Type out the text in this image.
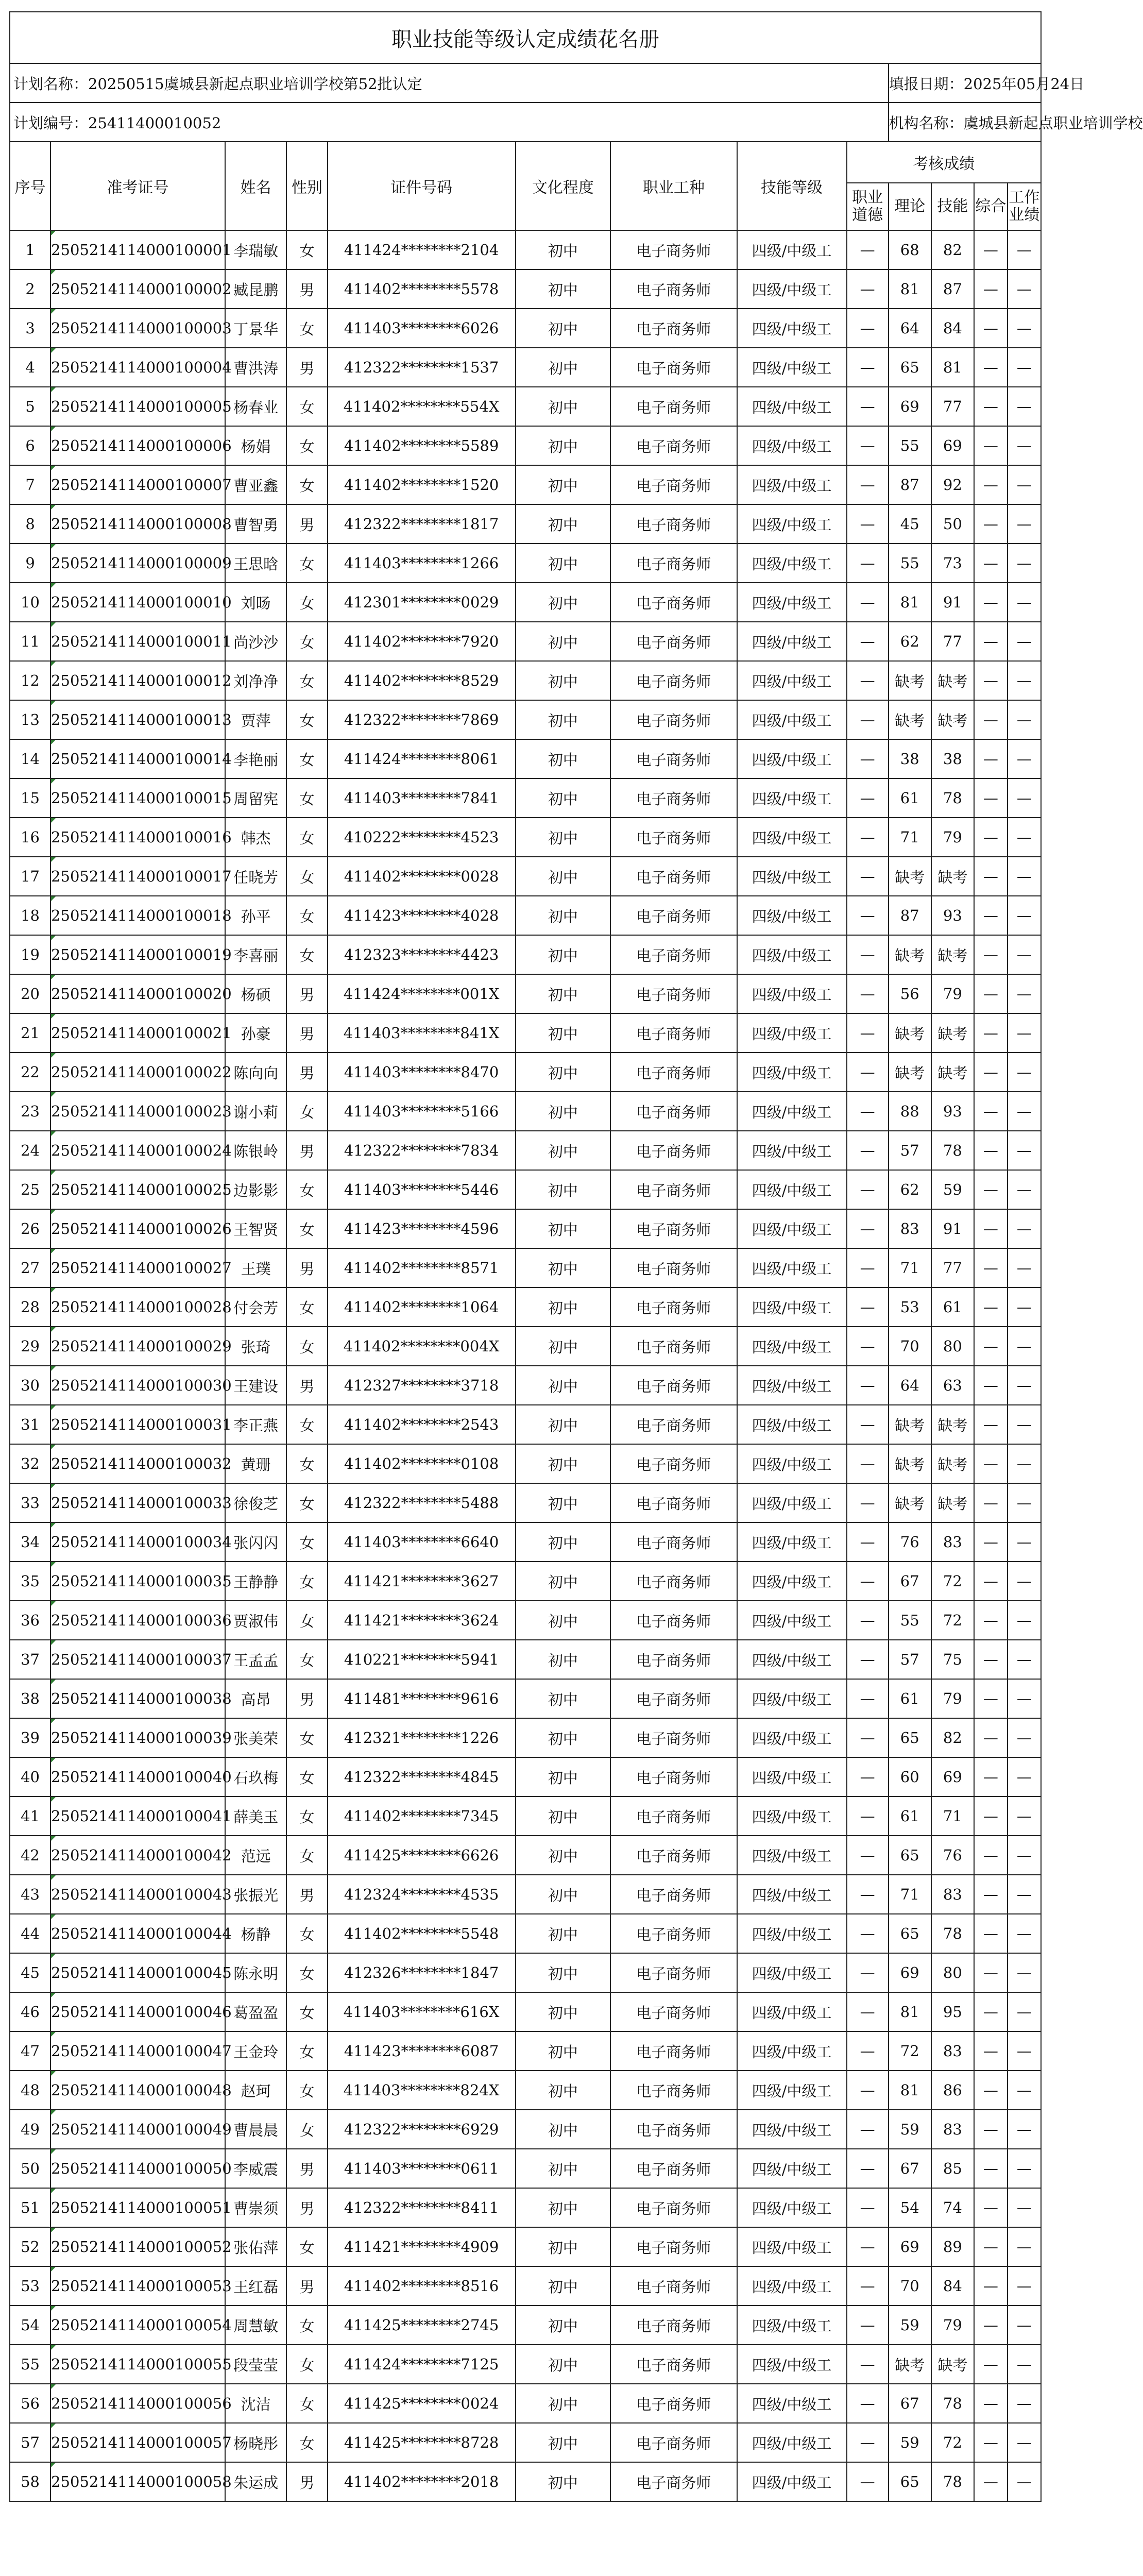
职业技能等级认定成绩花名册												
计划名称：20250515虞城县新起点职业培训学校第52批认定									填报日期：2025年05月24日			
计划编号：25411400010052									机构名称：虞城县新起点职业培训学校			
序号	准考证号	姓名	性别	证件号码	文化程度	职业工种	技能等级	考核成绩				
								职业道德	理论	技能	综合	工作业绩
1	2505214114000100001	李瑞敏	女	411424********2104	初中	电子商务师	四级/中级工	—	68	82	—	—
2	2505214114000100002	臧昆鹏	男	411402********5578	初中	电子商务师	四级/中级工	—	81	87	—	—
3	2505214114000100003	丁景华	女	411403********6026	初中	电子商务师	四级/中级工	—	64	84	—	—
4	2505214114000100004	曹洪涛	男	412322********1537	初中	电子商务师	四级/中级工	—	65	81	—	—
5	2505214114000100005	杨春业	女	411402********554X	初中	电子商务师	四级/中级工	—	69	77	—	—
6	2505214114000100006	杨娟	女	411402********5589	初中	电子商务师	四级/中级工	—	55	69	—	—
7	2505214114000100007	曹亚鑫	女	411402********1520	初中	电子商务师	四级/中级工	—	87	92	—	—
8	2505214114000100008	曹智勇	男	412322********1817	初中	电子商务师	四级/中级工	—	45	50	—	—
9	2505214114000100009	王思晗	女	411403********1266	初中	电子商务师	四级/中级工	—	55	73	—	—
10	2505214114000100010	刘旸	女	412301********0029	初中	电子商务师	四级/中级工	—	81	91	—	—
11	2505214114000100011	尚沙沙	女	411402********7920	初中	电子商务师	四级/中级工	—	62	77	—	—
12	2505214114000100012	刘净净	女	411402********8529	初中	电子商务师	四级/中级工	—	缺考	缺考	—	—
13	2505214114000100013	贾萍	女	412322********7869	初中	电子商务师	四级/中级工	—	缺考	缺考	—	—
14	2505214114000100014	李艳丽	女	411424********8061	初中	电子商务师	四级/中级工	—	38	38	—	—
15	2505214114000100015	周留宪	女	411403********7841	初中	电子商务师	四级/中级工	—	61	78	—	—
16	2505214114000100016	韩杰	女	410222********4523	初中	电子商务师	四级/中级工	—	71	79	—	—
17	2505214114000100017	任晓芳	女	411402********0028	初中	电子商务师	四级/中级工	—	缺考	缺考	—	—
18	2505214114000100018	孙平	女	411423********4028	初中	电子商务师	四级/中级工	—	87	93	—	—
19	2505214114000100019	李喜丽	女	412323********4423	初中	电子商务师	四级/中级工	—	缺考	缺考	—	—
20	2505214114000100020	杨硕	男	411424********001X	初中	电子商务师	四级/中级工	—	56	79	—	—
21	2505214114000100021	孙豪	男	411403********841X	初中	电子商务师	四级/中级工	—	缺考	缺考	—	—
22	2505214114000100022	陈向向	男	411403********8470	初中	电子商务师	四级/中级工	—	缺考	缺考	—	—
23	2505214114000100023	谢小莉	女	411403********5166	初中	电子商务师	四级/中级工	—	88	93	—	—
24	2505214114000100024	陈银岭	男	412322********7834	初中	电子商务师	四级/中级工	—	57	78	—	—
25	2505214114000100025	边影影	女	411403********5446	初中	电子商务师	四级/中级工	—	62	59	—	—
26	2505214114000100026	王智贤	女	411423********4596	初中	电子商务师	四级/中级工	—	83	91	—	—
27	2505214114000100027	王璞	男	411402********8571	初中	电子商务师	四级/中级工	—	71	77	—	—
28	2505214114000100028	付会芳	女	411402********1064	初中	电子商务师	四级/中级工	—	53	61	—	—
29	2505214114000100029	张琦	女	411402********004X	初中	电子商务师	四级/中级工	—	70	80	—	—
30	2505214114000100030	王建设	男	412327********3718	初中	电子商务师	四级/中级工	—	64	63	—	—
31	2505214114000100031	李正燕	女	411402********2543	初中	电子商务师	四级/中级工	—	缺考	缺考	—	—
32	2505214114000100032	黄珊	女	411402********0108	初中	电子商务师	四级/中级工	—	缺考	缺考	—	—
33	2505214114000100033	徐俊芝	女	412322********5488	初中	电子商务师	四级/中级工	—	缺考	缺考	—	—
34	2505214114000100034	张闪闪	女	411403********6640	初中	电子商务师	四级/中级工	—	76	83	—	—
35	2505214114000100035	王静静	女	411421********3627	初中	电子商务师	四级/中级工	—	67	72	—	—
36	2505214114000100036	贾淑伟	女	411421********3624	初中	电子商务师	四级/中级工	—	55	72	—	—
37	2505214114000100037	王孟孟	女	410221********5941	初中	电子商务师	四级/中级工	—	57	75	—	—
38	2505214114000100038	高昂	男	411481********9616	初中	电子商务师	四级/中级工	—	61	79	—	—
39	2505214114000100039	张美荣	女	412321********1226	初中	电子商务师	四级/中级工	—	65	82	—	—
40	2505214114000100040	石玖梅	女	412322********4845	初中	电子商务师	四级/中级工	—	60	69	—	—
41	2505214114000100041	薛美玉	女	411402********7345	初中	电子商务师	四级/中级工	—	61	71	—	—
42	2505214114000100042	范远	女	411425********6626	初中	电子商务师	四级/中级工	—	65	76	—	—
43	2505214114000100043	张振光	男	412324********4535	初中	电子商务师	四级/中级工	—	71	83	—	—
44	2505214114000100044	杨静	女	411402********5548	初中	电子商务师	四级/中级工	—	65	78	—	—
45	2505214114000100045	陈永明	女	412326********1847	初中	电子商务师	四级/中级工	—	69	80	—	—
46	2505214114000100046	葛盈盈	女	411403********616X	初中	电子商务师	四级/中级工	—	81	95	—	—
47	2505214114000100047	王金玲	女	411423********6087	初中	电子商务师	四级/中级工	—	72	83	—	—
48	2505214114000100048	赵珂	女	411403********824X	初中	电子商务师	四级/中级工	—	81	86	—	—
49	2505214114000100049	曹晨晨	女	412322********6929	初中	电子商务师	四级/中级工	—	59	83	—	—
50	2505214114000100050	李威震	男	411403********0611	初中	电子商务师	四级/中级工	—	67	85	—	—
51	2505214114000100051	曹崇须	男	412322********8411	初中	电子商务师	四级/中级工	—	54	74	—	—
52	2505214114000100052	张佑萍	女	411421********4909	初中	电子商务师	四级/中级工	—	69	89	—	—
53	2505214114000100053	王红磊	男	411402********8516	初中	电子商务师	四级/中级工	—	70	84	—	—
54	2505214114000100054	周慧敏	女	411425********2745	初中	电子商务师	四级/中级工	—	59	79	—	—
55	2505214114000100055	段莹莹	女	411424********7125	初中	电子商务师	四级/中级工	—	缺考	缺考	—	—
56	2505214114000100056	沈洁	女	411425********0024	初中	电子商务师	四级/中级工	—	67	78	—	—
57	2505214114000100057	杨晓彤	女	411425********8728	初中	电子商务师	四级/中级工	—	59	72	—	—
58	2505214114000100058	朱运成	男	411402********2018	初中	电子商务师	四级/中级工	—	65	78	—	—
